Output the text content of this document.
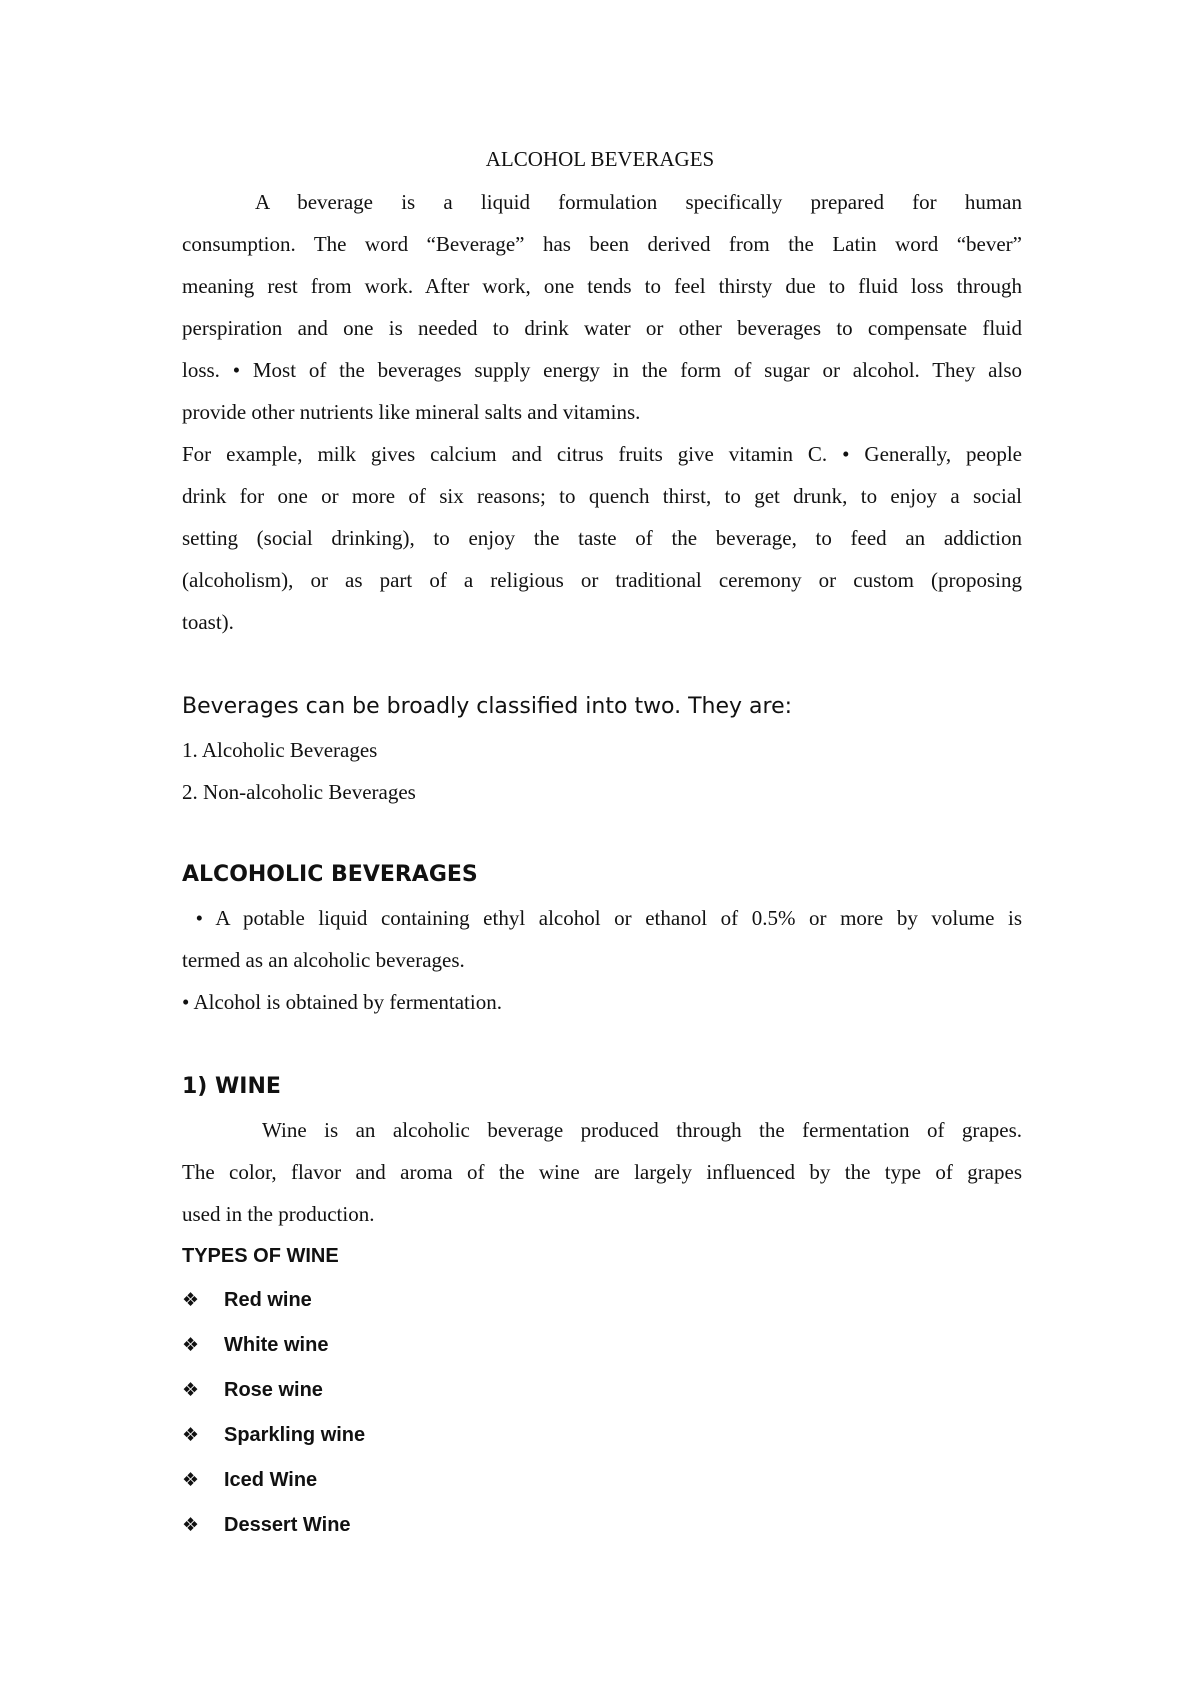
ALCOHOL BEVERAGES
A beverage is a liquid formulation specifically prepared for human
consumption. The word “Beverage” has been derived from the Latin word “bever”
meaning rest from work. After work, one tends to feel thirsty due to fluid loss through
perspiration and one is needed to drink water or other beverages to compensate fluid
loss. • Most of the beverages supply energy in the form of sugar or alcohol. They also
provide other nutrients like mineral salts and vitamins.
For example, milk gives calcium and citrus fruits give vitamin C. • Generally, people
drink for one or more of six reasons; to quench thirst, to get drunk, to enjoy a social
setting (social drinking), to enjoy the taste of the beverage, to feed an addiction
(alcoholism), or as part of a religious or traditional ceremony or custom (proposing
toast).
Beverages can be broadly classified into two. They are:
1. Alcoholic Beverages
2. Non-alcoholic Beverages
ALCOHOLIC BEVERAGES
• A potable liquid containing ethyl alcohol or ethanol of 0.5% or more by volume is
termed as an alcoholic beverages.
• Alcohol is obtained by fermentation.
1) WINE
Wine is an alcoholic beverage produced through the fermentation of grapes.
The color, flavor and aroma of the wine are largely influenced by the type of grapes
used in the production.
TYPES OF WINE
❖ Red wine
❖ White wine
❖ Rose wine
❖ Sparkling wine
❖ Iced Wine
❖ Dessert Wine
